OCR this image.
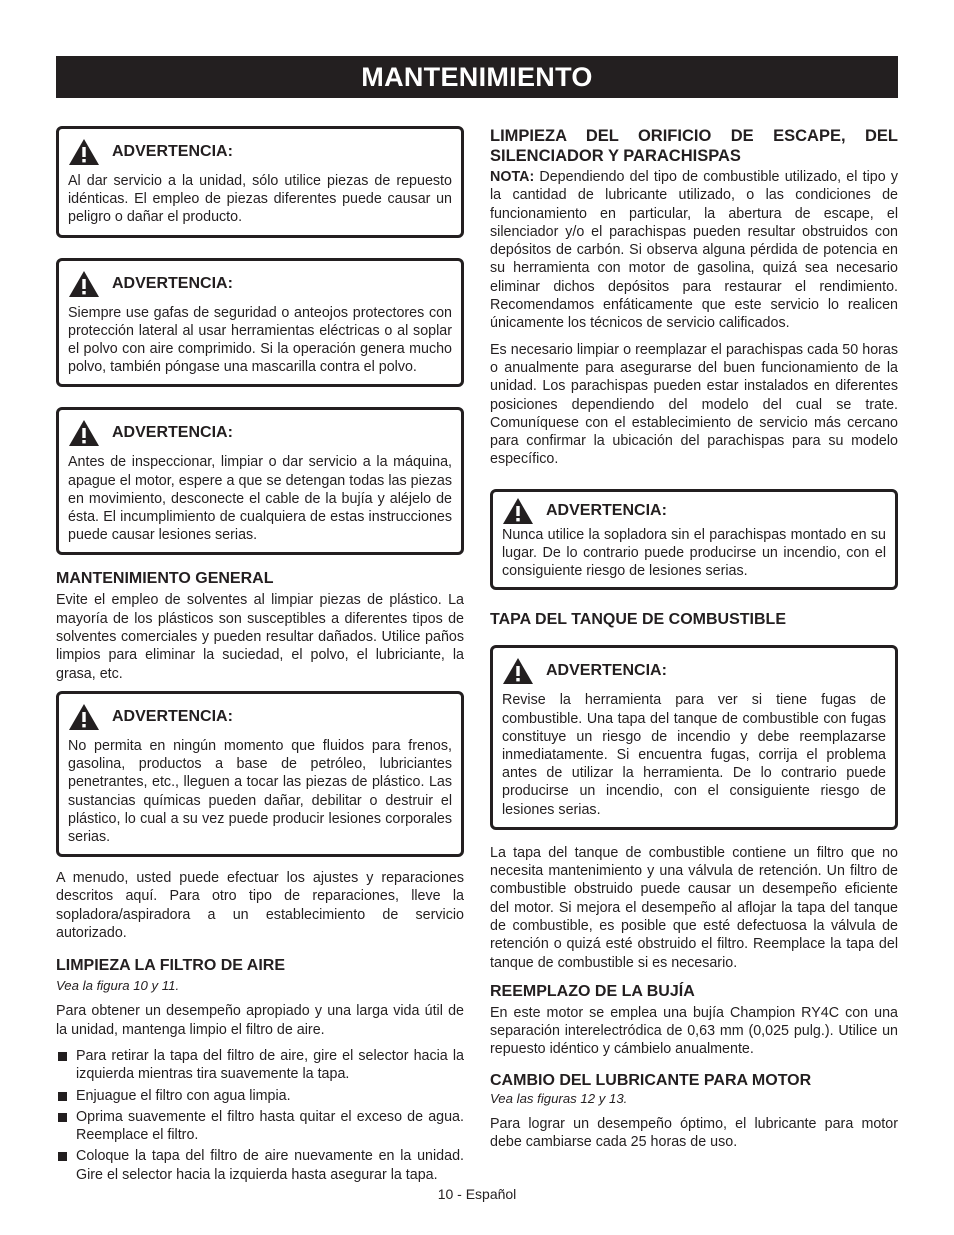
MANTENIMIENTO
ADVERTENCIA:

Al dar servicio a la unidad, sólo utilice piezas de repuesto idénticas. El empleo de piezas diferentes puede causar un peligro o dañar el producto.

ADVERTENCIA:

Siempre use gafas de seguridad o anteojos protectores con protección lateral al usar herramientas eléctricas o al soplar el polvo con aire comprimido. Si la operación genera mucho polvo, también póngase una mascarilla contra el polvo.

ADVERTENCIA:

Antes de inspeccionar, limpiar o dar servicio a la máquina, apague el motor, espere a que se detengan todas las piezas en movimiento, desconecte el cable de la bujía y aléjelo de ésta. El incumplimiento de cualquiera de estas instrucciones puede causar lesiones serias.

MANTENIMIENTO GENERAL

Evite el empleo de solventes al limpiar piezas de plástico. La mayoría de los plásticos son susceptibles a diferentes tipos de solventes comerciales y pueden resultar dañados. Utilice paños limpios para eliminar la suciedad, el polvo, el lubriciante, la grasa, etc.

ADVERTENCIA:

No permita en ningún momento que fluidos para frenos, gasolina, productos a base de petróleo, lubriciantes penetrantes, etc., lleguen a tocar las piezas de plástico. Las sustancias químicas pueden dañar, debilitar o destruir el plástico, lo cual a su vez puede producir lesiones corporales serias.

A menudo, usted puede efectuar los ajustes y reparaciones descritos aquí. Para otro tipo de reparaciones, lleve la sopladora/aspiradora a un establecimiento de servicio autorizado.

LIMPIEZA LA FILTRO DE AIRE

Vea la figura 10 y 11.

Para obtener un desempeño apropiado y una larga vida útil de la unidad, mantenga limpio el filtro de aire.

Para retirar la tapa del filtro de aire, gire el selector hacia la izquierda mientras tira suavemente la tapa.
Enjuague el filtro con agua limpia.
Oprima suavemente el filtro hasta quitar el exceso de agua. Reemplace el filtro.
Coloque la tapa del filtro de aire nuevamente en la unidad. Gire el selector hacia la izquierda hasta asegurar la tapa.
LIMPIEZA DEL ORIFICIO DE ESCAPE, DEL SILENCIADOR Y PARACHISPAS

NOTA: Dependiendo del tipo de combustible utilizado, el tipo y la cantidad de lubricante utilizado, o las condiciones de funcionamiento en particular, la abertura de escape, el silenciador y/o el parachispas pueden resultar obstruidos con depósitos de carbón. Si observa alguna pérdida de potencia en su herramienta con motor de gasolina, quizá sea necesario eliminar dichos depósitos para restaurar el rendimiento. Recomendamos enfáticamente que este servicio lo realicen únicamente los técnicos de servicio calificados.

Es necesario limpiar o reemplazar el parachispas cada 50 horas o anualmente para asegurarse del buen funcionamiento de la unidad. Los parachispas pueden estar instalados en diferentes posiciones dependiendo del modelo del cual se trate. Comuníquese con el establecimiento de servicio más cercano para confirmar la ubicación del parachispas para su modelo específico.

ADVERTENCIA:

Nunca utilice la sopladora sin el parachispas montado en su lugar. De lo contrario puede producirse un incendio, con el consiguiente riesgo de lesiones serias.

TAPA DEL TANQUE DE COMBUSTIBLE
ADVERTENCIA:

Revise la herramienta para ver si tiene fugas de combustible. Una tapa del tanque de combustible con fugas constituye un riesgo de incendio y debe reemplazarse inmediatamente. Si encuentra fugas, corrija el problema antes de utilizar la herramienta. De lo contrario puede producirse un incendio, con el consiguiente riesgo de lesiones serias.

La tapa del tanque de combustible contiene un filtro que no necesita mantenimiento y una válvula de retención. Un filtro de combustible obstruido puede causar un desempeño eficiente del motor. Si mejora el desempeño al aflojar la tapa del tanque de combustible, es posible que esté defectuosa la válvula de retención o quizá esté obstruido el filtro. Reemplace la tapa del tanque de combustible si es necesario.

REEMPLAZO DE LA BUJÍA

En este motor se emplea una bujía Champion RY4C con una separación interelectródica de 0,63 mm (0,025 pulg.). Utilice un repuesto idéntico y cámbielo anualmente.

CAMBIO DEL LUBRICANTE PARA MOTOR

Vea las figuras 12 y 13.

Para lograr un desempeño óptimo, el lubricante para motor debe cambiarse cada 25 horas de uso.

10 - Español
